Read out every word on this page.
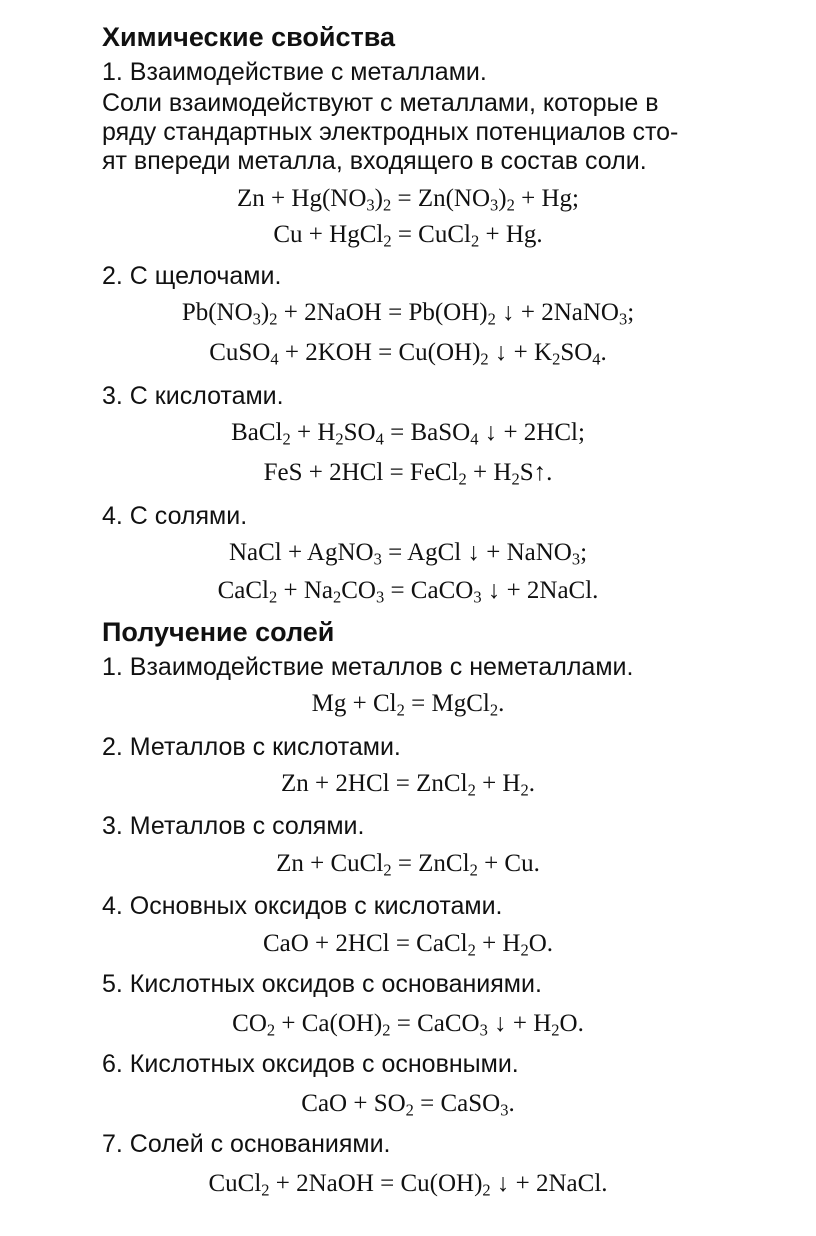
Химические свойства
1. Взаимодействие с металлами.
Соли взаимодействуют с металлами, которые в
ряду стандартных электродных потенциалов сто-
ят впереди металла, входящего в состав соли.
$Zn + Hg(NO_3)_2 = Zn(NO_3)_2 + Hg$;
Cu + HgCl$_2$ = CuCl$_2$ + Hg.
2. С щелочами.
$Pb(NO_3)_2$ + 2NaOH = $Pb(OH)_2$ ↓ + 2NaNO$_3$;
CuSO$_4$ + $2KOH = Cu(OH)_2$ ↓ + $K_2SO_4$.
3. С кислотами.
BaCl$_2$ + $H_2SO_4$ = BaSO$_4$ ↓ + 2HCl;
FeS + 2HCl = FeCl$_2$ + $H_2S↑$.
4. С солями.
NaCl + AgNO$_3$ = AgCl ↓ + NaNO$_3$;
CaCl$_2$ + $Na_2CO_3$ = CaCO$_3$ ↓ + 2NaCl.
Получение солей
1. Взаимодействие металлов с неметаллами.
$Mg + Cl_2$ = MgCl$_2$.
2. Металлов с кислотами.
Zn + 2HCl = ZnCl$_2$ + $H_2$.
3. Металлов с солями.
Zn + CuCl$_2$ = ZnCl$_2$ + Cu.
4. Основных оксидов с кислотами.
CaO + 2HCl = CaCl$_2$ + $H_2O$.
5. Кислотных оксидов с основаниями.
$CO_2 + Ca(OH)_2$ = CaCO$_3$ ↓ + $H_2O$.
6. Кислотных оксидов с основными.
CaO + $SO_2$ = CaSO$_3$.
7. Солей с основаниями.
CuCl$_2$ + 2NaOH = $Cu(OH)_2$ ↓ + 2NaCl.
